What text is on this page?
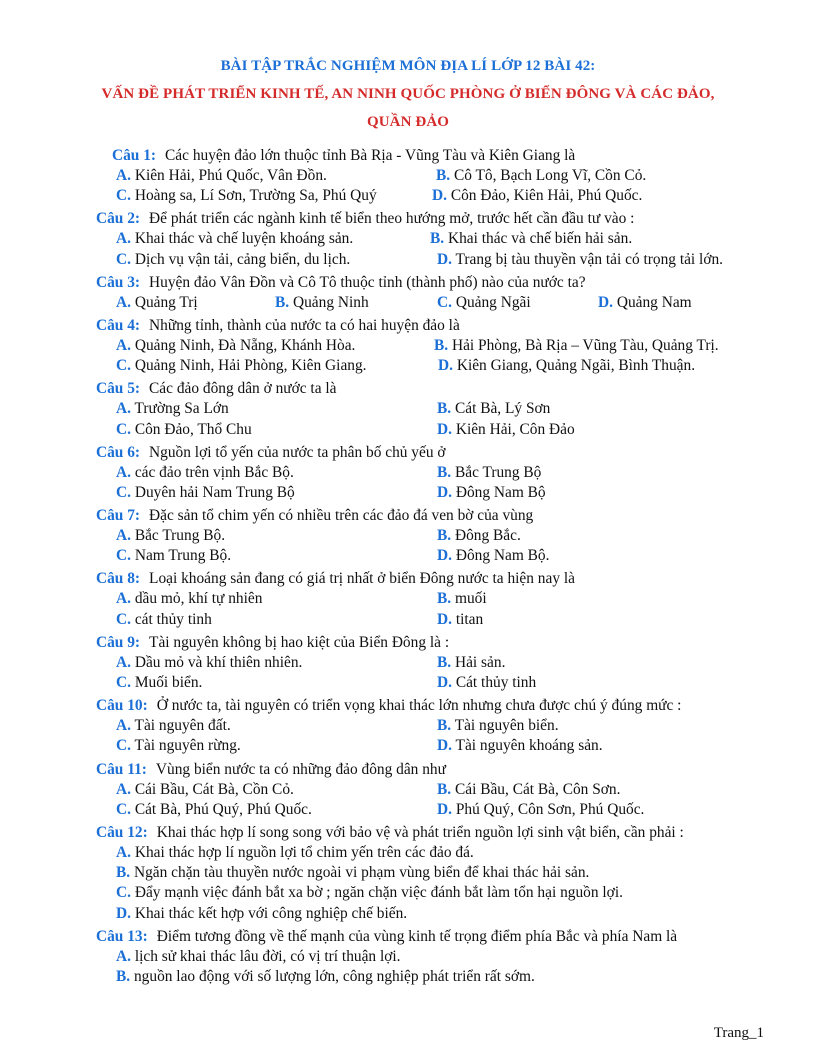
BÀI TẬP TRẮC NGHIỆM MÔN ĐỊA LÍ LỚP 12 BÀI 42:
VẤN ĐỀ PHÁT TRIỂN KINH TẾ, AN NINH QUỐC PHÒNG Ở BIỂN ĐÔNG VÀ CÁC ĐẢO,
QUẦN ĐẢO
Câu 1: Các huyện đảo lớn thuộc tỉnh Bà Rịa - Vũng Tàu và Kiên Giang là
A. Kiên Hải, Phú Quốc, Vân Đồn.	B. Cô Tô, Bạch Long Vĩ, Cồn Cỏ.
C. Hoàng sa, Lí Sơn, Trường Sa, Phú Quý	D. Côn Đảo, Kiên Hải, Phú Quốc.
Câu 2: Để phát triển các ngành kinh tế biển theo hướng mở, trước hết cần đầu tư vào :
A. Khai thác và chế luyện khoáng sản.	B. Khai thác và chế biến hải sản.
C. Dịch vụ vận tải, cảng biển, du lịch.	D. Trang bị tàu thuyền vận tải có trọng tải lớn.
Câu 3: Huyện đảo Vân Đồn và Cô Tô thuộc tỉnh (thành phố) nào của nước ta?
A. Quảng Trị	B. Quảng Ninh	C. Quảng Ngãi	D. Quảng Nam
Câu 4: Những tỉnh, thành của nước ta có hai huyện đảo là
A. Quảng Ninh, Đà Nẵng, Khánh Hòa.	B. Hải Phòng, Bà Rịa – Vũng Tàu, Quảng Trị.
C. Quảng Ninh, Hải Phòng, Kiên Giang.	D. Kiên Giang, Quảng Ngãi, Bình Thuận.
Câu 5: Các đảo đông dân ở nước ta là
A. Trường Sa Lớn	B. Cát Bà, Lý Sơn
C. Côn Đảo, Thổ Chu	D. Kiên Hải, Côn Đảo
Câu 6: Nguồn lợi tổ yến của nước ta phân bố chủ yếu ở
A. các đảo trên vịnh Bắc Bộ.	B. Bắc Trung Bộ
C. Duyên hải Nam Trung Bộ	D. Đông Nam Bộ
Câu 7: Đặc sản tổ chim yến có nhiều trên các đảo đá ven bờ của vùng
A. Bắc Trung Bộ.	B. Đông Bắc.
C. Nam Trung Bộ.	D. Đông Nam Bộ.
Câu 8: Loại khoáng sản đang có giá trị nhất ở biển Đông nước ta hiện nay là
A. dầu mỏ, khí tự nhiên	B. muối
C. cát thủy tinh	D. titan
Câu 9: Tài nguyên không bị hao kiệt của Biển Đông là :
A. Dầu mỏ và khí thiên nhiên.	B. Hải sản.
C. Muối biển.	D. Cát thủy tinh
Câu 10: Ở nước ta, tài nguyên có triển vọng khai thác lớn nhưng chưa được chú ý đúng mức :
A. Tài nguyên đất.	B. Tài nguyên biển.
C. Tài nguyên rừng.	D. Tài nguyên khoáng sản.
Câu 11: Vùng biển nước ta có những đảo đông dân như
A. Cái Bầu, Cát Bà, Cồn Cỏ.	B. Cái Bầu, Cát Bà, Côn Sơn.
C. Cát Bà, Phú Quý, Phú Quốc.	D. Phú Quý, Côn Sơn, Phú Quốc.
Câu 12: Khai thác hợp lí song song với bảo vệ và phát triển nguồn lợi sinh vật biển, cần phải :
A. Khai thác hợp lí nguồn lợi tổ chim yến trên các đảo đá.
B. Ngăn chặn tàu thuyền nước ngoài vi phạm vùng biển để khai thác hải sản.
C. Đẩy mạnh việc đánh bắt xa bờ ; ngăn chặn việc đánh bắt làm tổn hại nguồn lợi.
D. Khai thác kết hợp với công nghiệp chế biến.
Câu 13: Điểm tương đồng về thế mạnh của vùng kinh tế trọng điểm phía Bắc và phía Nam là
A. lịch sử khai thác lâu đời, có vị trí thuận lợi.
B. nguồn lao động với số lượng lớn, công nghiệp phát triển rất sớm.
Trang_1
